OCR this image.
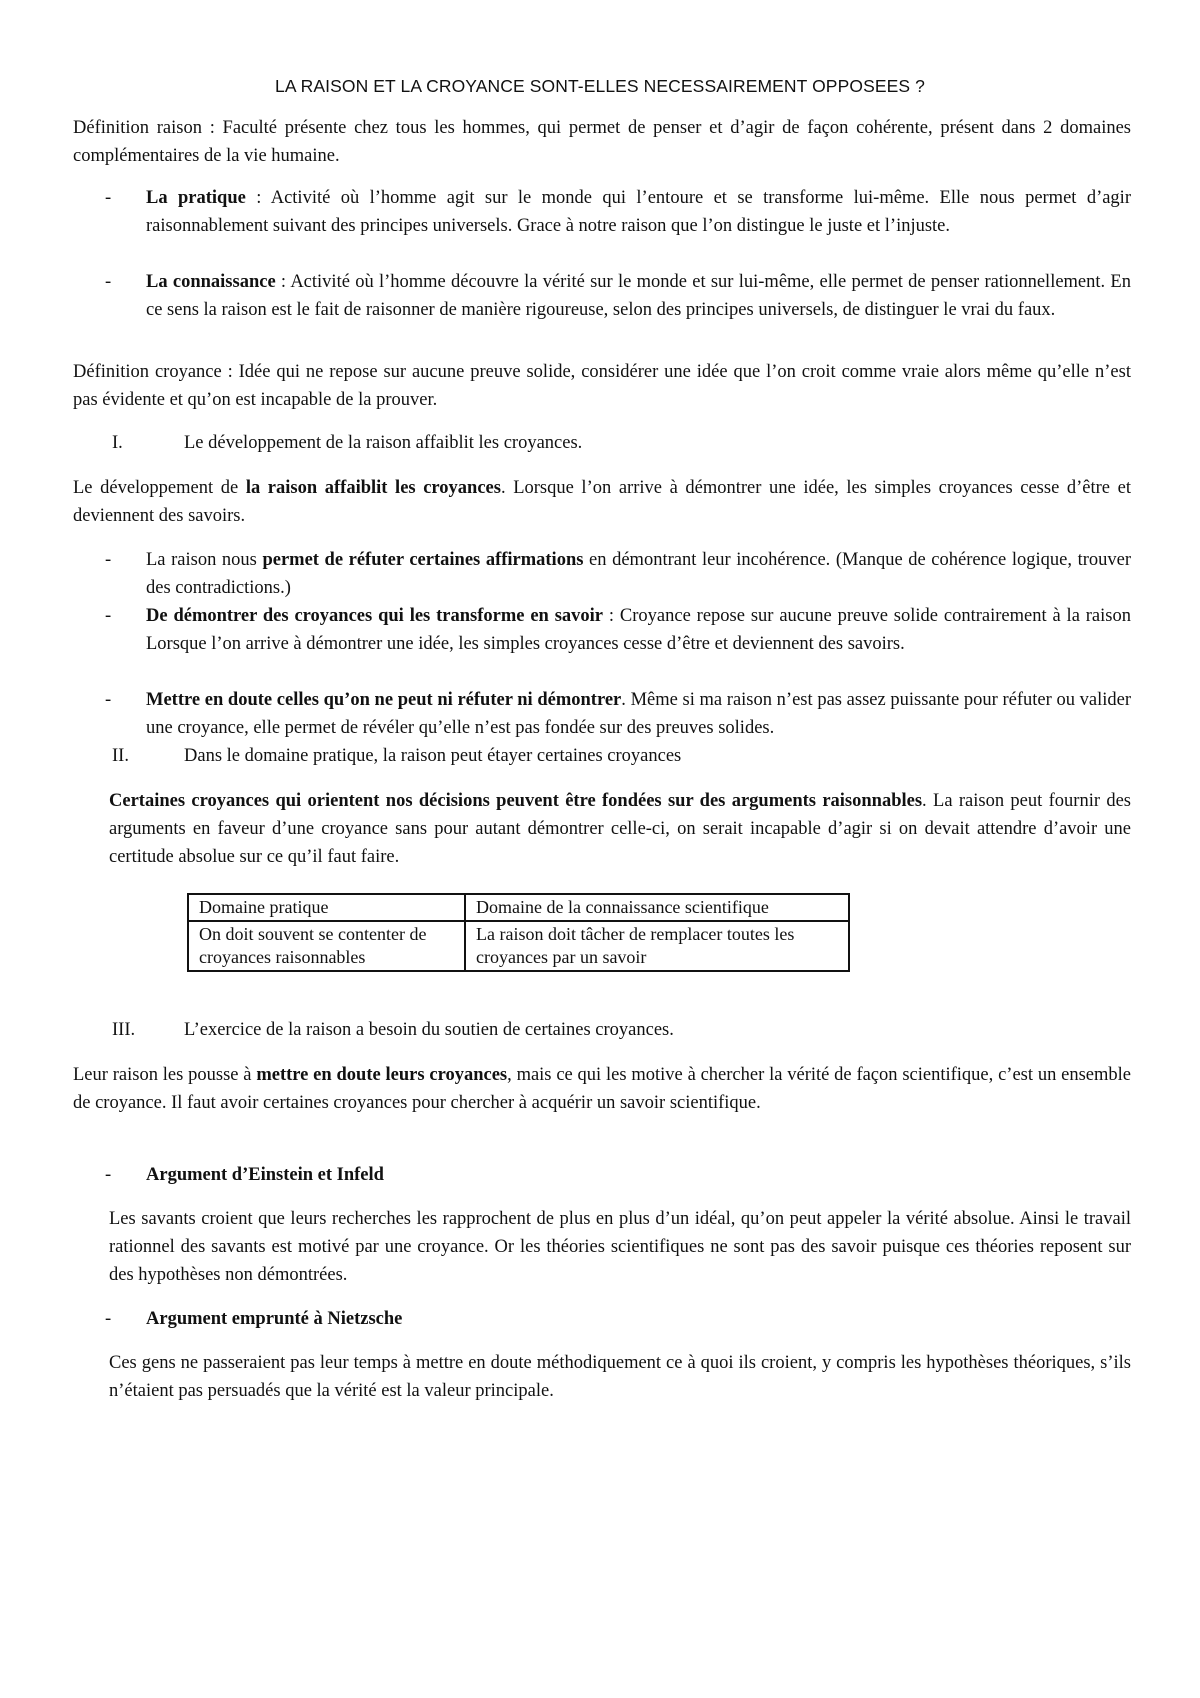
LA RAISON ET LA CROYANCE SONT-ELLES NECESSAIREMENT OPPOSEES ?
Définition raison : Faculté présente chez tous les hommes, qui permet de penser et d’agir de façon cohérente, présent dans 2 domaines complémentaires de la vie humaine.
-	La pratique : Activité où l’homme agit sur le monde qui l’entoure et se transforme lui-même. Elle nous permet d’agir raisonnablement suivant des principes universels. Grace à notre raison que l’on distingue le juste et l’injuste.
-	La connaissance : Activité où l’homme découvre la vérité sur le monde et sur lui-même, elle permet de penser rationnellement. En ce sens la raison est le fait de raisonner de manière rigoureuse, selon des principes universels, de distinguer le vrai du faux.
Définition croyance : Idée qui ne repose sur aucune preuve solide, considérer une idée que l’on croit comme vraie alors même qu’elle n’est pas évidente et qu’on est incapable de la prouver.
I.	Le développement de la raison affaiblit les croyances.
Le développement de la raison affaiblit les croyances. Lorsque l’on arrive à démontrer une idée, les simples croyances cesse d’être et deviennent des savoirs.
-	La raison nous permet de réfuter certaines affirmations en démontrant leur incohérence. (Manque de cohérence logique, trouver des contradictions.)
-	De démontrer des croyances qui les transforme en savoir : Croyance repose sur aucune preuve solide contrairement à la raison Lorsque l’on arrive à démontrer une idée, les simples croyances cesse d’être et deviennent des savoirs.
-	Mettre en doute celles qu’on ne peut ni réfuter ni démontrer. Même si ma raison n’est pas assez puissante pour réfuter ou valider une croyance, elle permet de révéler qu’elle n’est pas fondée sur des preuves solides.
II.	Dans le domaine pratique, la raison peut étayer certaines croyances
Certaines croyances qui orientent nos décisions peuvent être fondées sur des arguments raisonnables. La raison peut fournir des arguments en faveur d’une croyance sans pour autant démontrer celle-ci, on serait incapable d’agir si on devait attendre d’avoir une certitude absolue sur ce qu’il faut faire.
Domaine pratique	Domaine de la connaissance scientifique
On doit souvent se contenter de croyances raisonnables	La raison doit tâcher de remplacer toutes les croyances par un savoir
III.	L’exercice de la raison a besoin du soutien de certaines croyances.
Leur raison les pousse à mettre en doute leurs croyances, mais ce qui les motive à chercher la vérité de façon scientifique, c’est un ensemble de croyance. Il faut avoir certaines croyances pour chercher à acquérir un savoir scientifique.
-	Argument d’Einstein et Infeld
Les savants croient que leurs recherches les rapprochent de plus en plus d’un idéal, qu’on peut appeler la vérité absolue. Ainsi le travail rationnel des savants est motivé par une croyance. Or les théories scientifiques ne sont pas des savoir puisque ces théories reposent sur des hypothèses non démontrées.
-	Argument emprunté à Nietzsche
Ces gens ne passeraient pas leur temps à mettre en doute méthodiquement ce à quoi ils croient, y compris les hypothèses théoriques, s’ils n’étaient pas persuadés que la vérité est la valeur principale.
